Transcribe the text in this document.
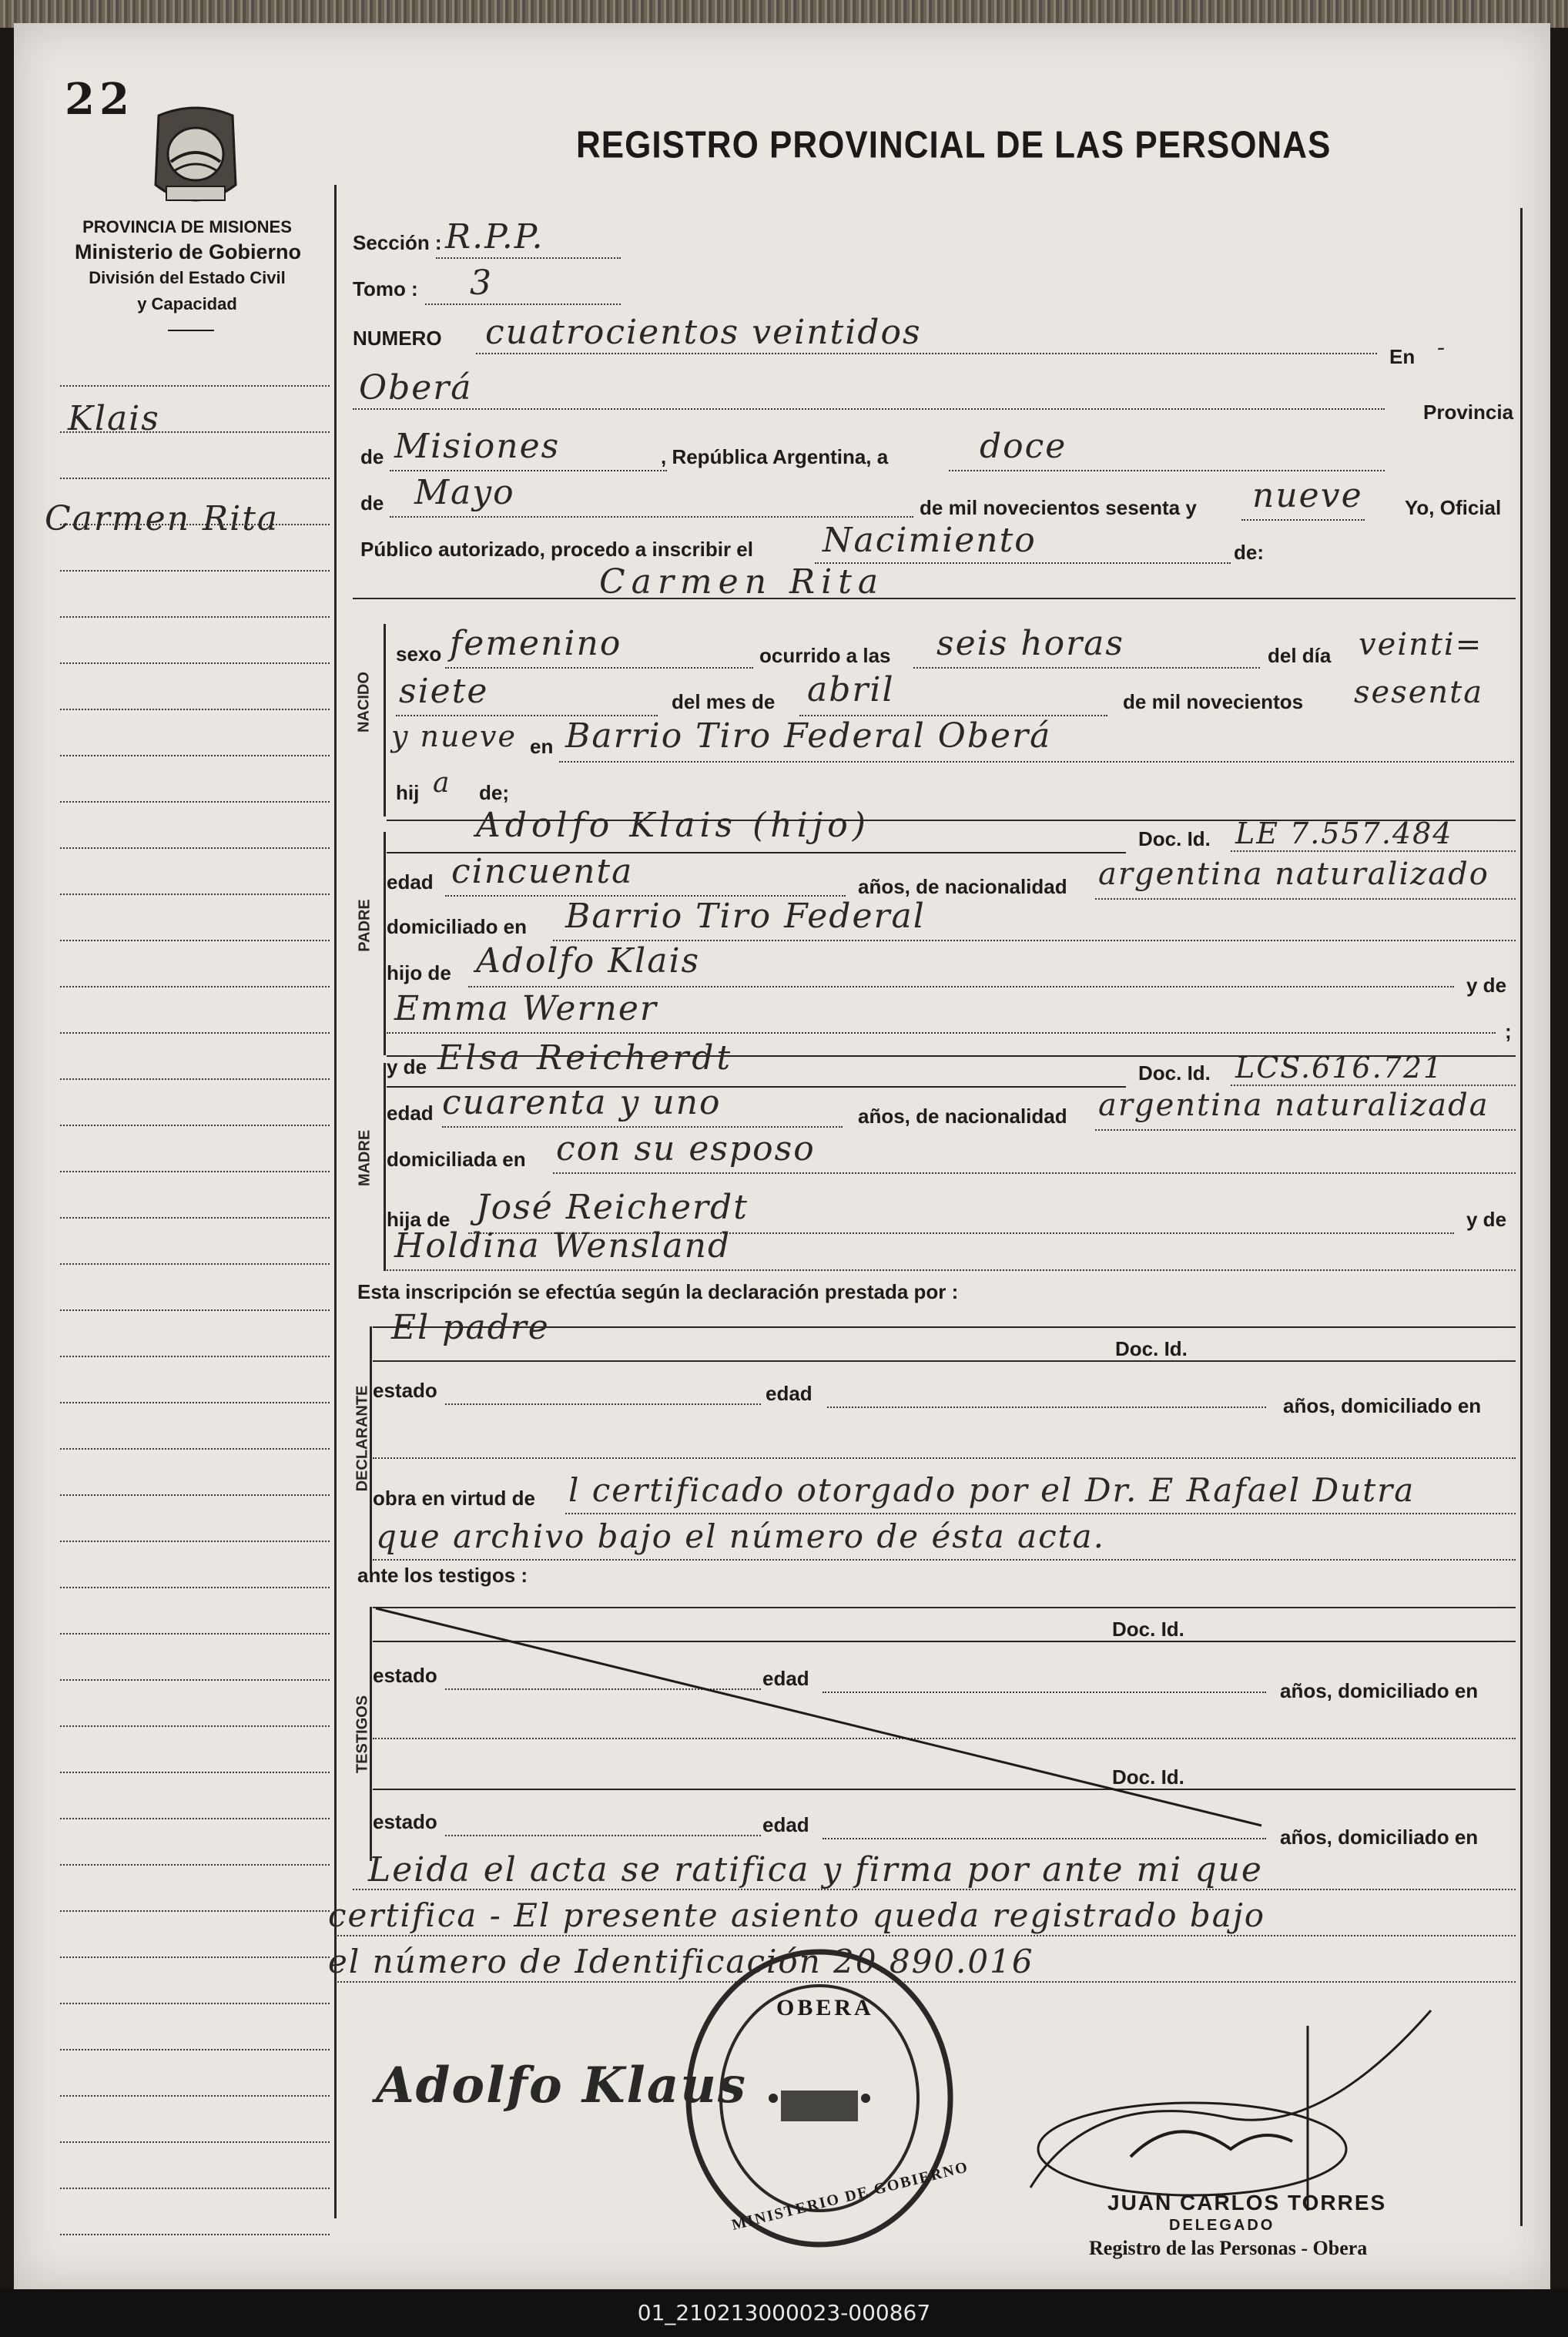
22
PROVINCIA DE MISIONES
Ministerio de Gobierno
División del Estado Civil
y Capacidad
REGISTRO PROVINCIAL DE LAS PERSONAS
Klais
Carmen Rita
Sección : R.P.P.
Tomo : 3
NUMERO cuatrocientos veintidos
En -
Oberá
Provincia
de Misiones	, República Argentina, a	doce
de Mayo	de mil novecientos sesenta y nueve Yo, Oficial
Público autorizado, procedo a inscribir el Nacimiento	de:
Carmen Rita
NACIDO
sexo femenino	ocurrido a las seis horas	del día veinti=
siete	del mes de abril	de mil novecientos sesenta
y nueve en Barrio Tiro Federal Oberá
hij a de;
PADRE
Adolfo Klais (hijo)	Doc. Id. LE 7.557.484
edad cincuenta	años, de nacionalidad argentina naturalizado
domiciliado en Barrio Tiro Federal
hijo de Adolfo Klais
y de
Emma Werner
;
MADRE
y de Elsa Reicherdt	Doc. Id. LCS.616.721
edad cuarenta y uno	años, de nacionalidad argentina naturalizada
domiciliada en con su esposo
hija de José Reicherdt	y de
Holdina Wensland
Esta inscripción se efectúa según la declaración prestada por :
DECLARANTE
El padre
Doc. Id.
estado	edad
años, domiciliado en
obra en virtud de l certificado otorgado por el Dr. E Rafael Dutra
que archivo bajo el número de ésta acta.
ante los testigos :
TESTIGOS
Doc. Id.
estado	edad
años, domiciliado en
Doc. Id.
estado	edad
años, domiciliado en
Leida el acta se ratifica y firma por ante mi que
certifica - El presente asiento queda registrado bajo
el número de Identificación 20.890.016
Adolfo Klaus
OBERA
MINISTERIO DE GOBIERNO	JUAN CARLOS TORRES
DELEGADO
Registro de las Personas - Obera
01_210213000023-000867
